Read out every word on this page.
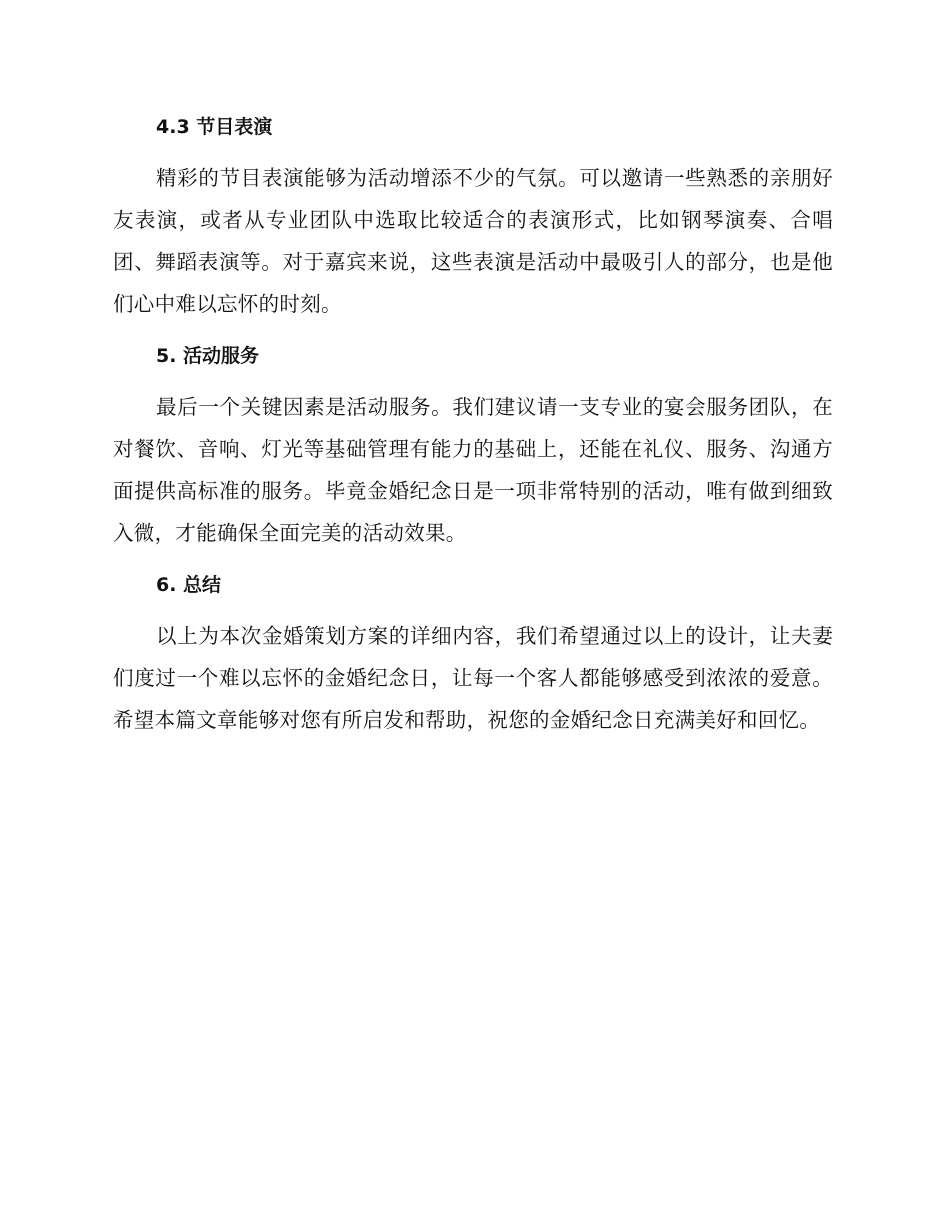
4.3 节目表演

精彩的节目表演能够为活动增添不少的气氛。可以邀请一些熟悉的亲朋好友表演，或者从专业团队中选取比较适合的表演形式，比如钢琴演奏、合唱团、舞蹈表演等。对于嘉宾来说，这些表演是活动中最吸引人的部分，也是他们心中难以忘怀的时刻。

5. 活动服务

最后一个关键因素是活动服务。我们建议请一支专业的宴会服务团队，在对餐饮、音响、灯光等基础管理有能力的基础上，还能在礼仪、服务、沟通方面提供高标准的服务。毕竟金婚纪念日是一项非常特别的活动，唯有做到细致入微，才能确保全面完美的活动效果。

6. 总结

以上为本次金婚策划方案的详细内容，我们希望通过以上的设计，让夫妻们度过一个难以忘怀的金婚纪念日，让每一个客人都能够感受到浓浓的爱意。希望本篇文章能够对您有所启发和帮助，祝您的金婚纪念日充满美好和回忆。
